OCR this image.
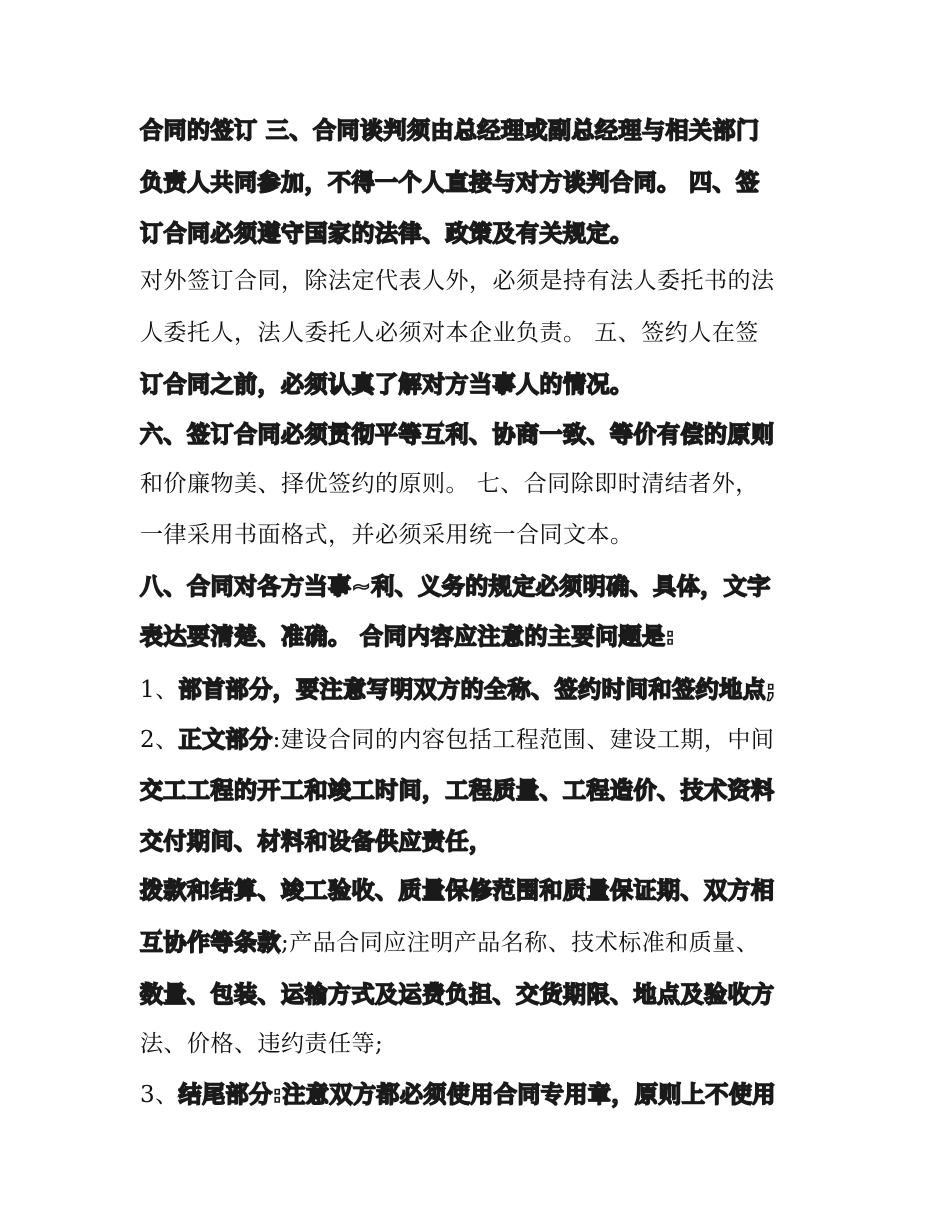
合同的签订 三、合同谈判须由总经理或副总经理与相关部门
负责人共同参加，不得一个人直接与对方谈判合同。 四、签
订合同必须遵守国家的法律、政策及有关规定。
对外签订合同，除法定代表人外，必须是持有法人委托书的法
人委托人，法人委托人必须对本企业负责。 五、签约人在签
订合同之前，必须认真了解对方当事人的情况。
六、签订合同必须贯彻平等互利、协商一致、等价有偿的原则
和价廉物美、择优签约的原则。 七、合同除即时清结者外，
一律采用书面格式，并必须采用统一合同文本。
八、合同对各方当事~利、义务的规定必须明确、具体，文字
表达要清楚、准确。 合同内容应注意的主要问题是:
1、部首部分，要注意写明双方的全称、签约时间和签约地点;
2、正文部分:建设合同的内容包括工程范围、建设工期，中间
交工工程的开工和竣工时间，工程质量、工程造价、技术资料
交付期间、材料和设备供应责任，
拨款和结算、竣工验收、质量保修范围和质量保证期、双方相
互协作等条款;产品合同应注明产品名称、技术标准和质量、
数量、包装、运输方式及运费负担、交货期限、地点及验收方
法、价格、违约责任等;
3、结尾部分:注意双方都必须使用合同专用章，原则上不使用
